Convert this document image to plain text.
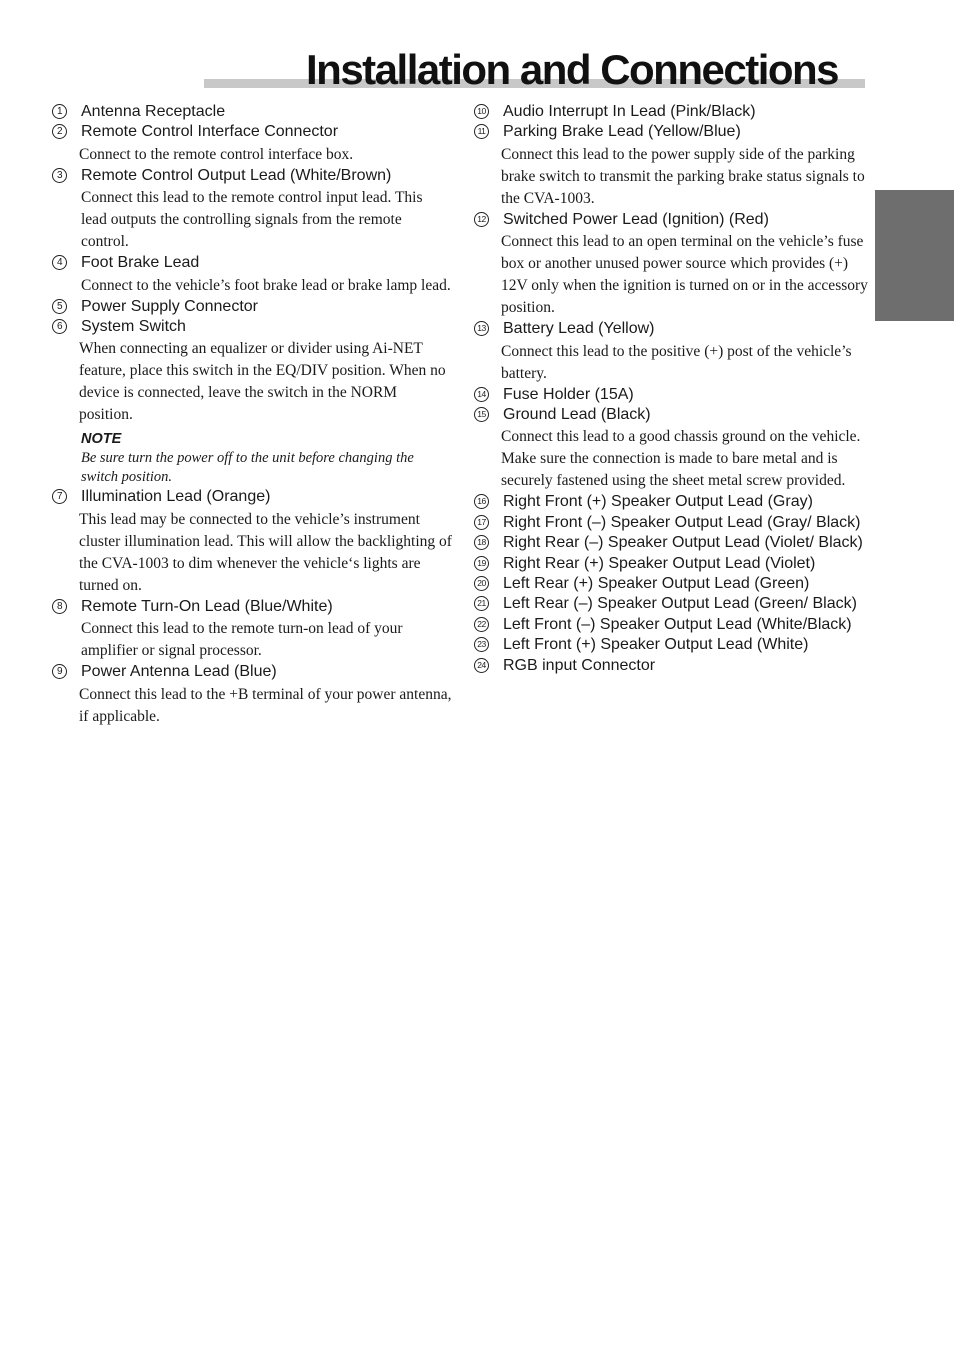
Installation and Connections
1	Antenna Receptacle
2	Remote Control Interface Connector
Connect to the remote control interface box.
3	Remote Control Output Lead (White/Brown)
Connect this lead to the remote control input lead. This lead outputs the controlling signals from the remote control.
4	Foot Brake Lead
Connect to the vehicle’s foot brake lead or brake lamp lead.
5	Power Supply Connector
6	System Switch
When connecting an equalizer or divider using Ai-NET feature, place this switch in the EQ/DIV position. When no device is connected, leave the switch in the NORM position.
NOTE
Be sure turn the power off to the unit before changing the switch position.
7	Illumination Lead (Orange)
This lead may be connected to the vehicle’s instrument cluster illumination lead. This will allow the backlighting of the CVA-1003 to dim whenever the vehicle‘s lights are turned on.
8	Remote Turn-On Lead (Blue/White)
Connect this lead to the remote turn-on lead of your amplifier or signal processor.
9	Power Antenna Lead (Blue)
Connect this lead to the +B terminal of your power antenna, if applicable.
10 Audio Interrupt In Lead (Pink/Black)
11 Parking Brake Lead (Yellow/Blue)
Connect this lead to the power supply side of the parking brake switch to transmit the parking brake status signals to the CVA-1003.
12 Switched Power Lead (Ignition) (Red)
Connect this lead to an open terminal on the vehicle’s fuse box or another unused power source which provides (+) 12V only when the ignition is turned on or in the accessory position.
13 Battery Lead (Yellow)
Connect this lead to the positive (+) post of the vehicle’s battery.
14 Fuse Holder (15A)
15 Ground Lead (Black)
Connect this lead to a good chassis ground on the vehicle. Make sure the connection is made to bare metal and is securely fastened using the sheet metal screw provided.
16 Right Front (+) Speaker Output Lead (Gray)
17 Right Front (–) Speaker Output Lead (Gray/ Black)
18 Right Rear (–) Speaker Output Lead (Violet/ Black)
19 Right Rear (+) Speaker Output Lead (Violet)
20 Left Rear (+) Speaker Output Lead (Green)
21 Left Rear (–) Speaker Output Lead (Green/ Black)
22 Left Front (–) Speaker Output Lead (White/Black)
23 Left Front (+) Speaker Output Lead (White)
24 RGB input Connector
